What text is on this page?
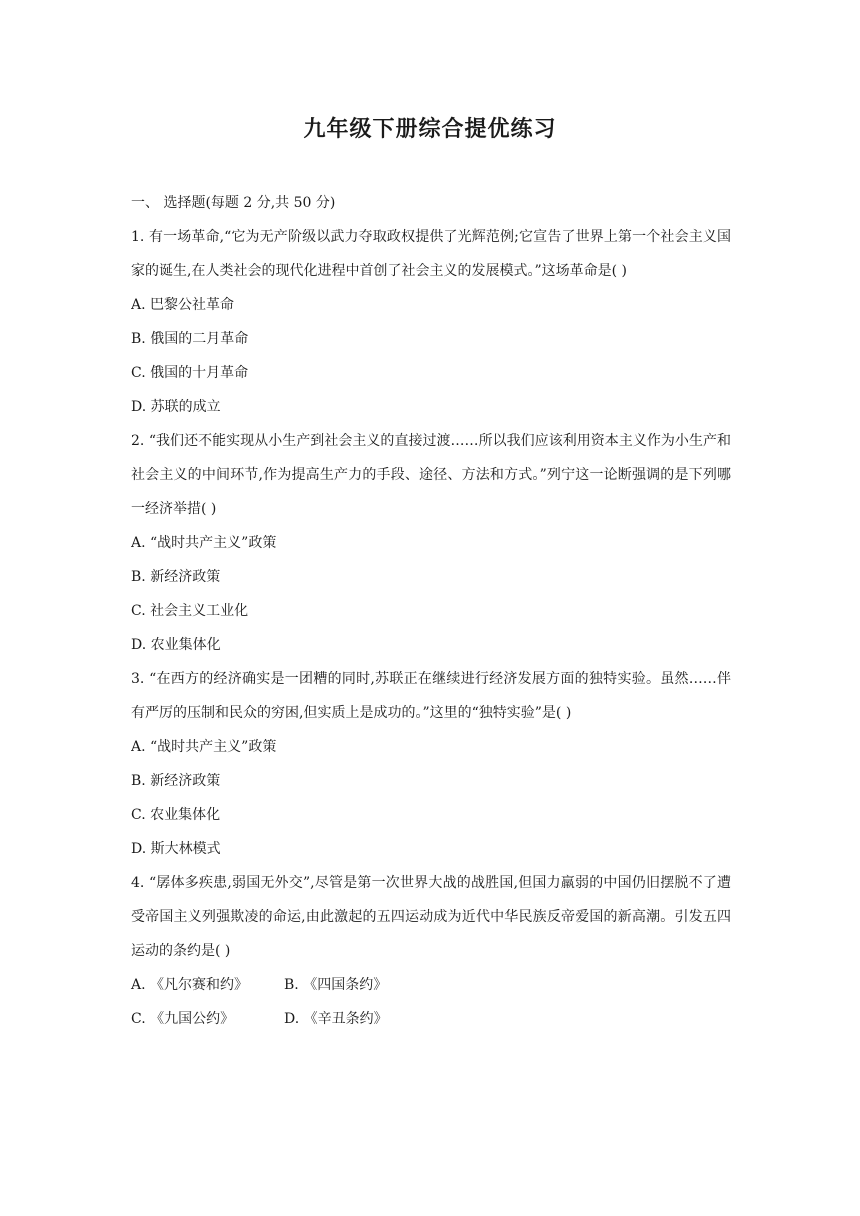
九年级下册综合提优练习
一、 选择题(每题 2 分,共 50 分)
1. 有一场革命,“它为无产阶级以武力夺取政权提供了光辉范例;它宣告了世界上第一个社会主义国家的诞生,在人类社会的现代化进程中首创了社会主义的发展模式。”这场革命是( )
A. 巴黎公社革命
B. 俄国的二月革命
C. 俄国的十月革命
D. 苏联的成立
2. “我们还不能实现从小生产到社会主义的直接过渡……所以我们应该利用资本主义作为小生产和社会主义的中间环节,作为提高生产力的手段、途径、方法和方式。”列宁这一论断强调的是下列哪一经济举措( )
A. “战时共产主义”政策
B. 新经济政策
C. 社会主义工业化
D. 农业集体化
3. “在西方的经济确实是一团糟的同时,苏联正在继续进行经济发展方面的独特实验。虽然……伴有严厉的压制和民众的穷困,但实质上是成功的。”这里的“独特实验”是( )
A. “战时共产主义”政策
B. 新经济政策
C. 农业集体化
D. 斯大林模式
4. “孱体多疾患,弱国无外交”,尽管是第一次世界大战的战胜国,但国力羸弱的中国仍旧摆脱不了遭受帝国主义列强欺凌的命运,由此激起的五四运动成为近代中华民族反帝爱国的新高潮。引发五四运动的条约是( )
A. 《凡尔赛和约》	B. 《四国条约》
C. 《九国公约》	D. 《辛丑条约》
